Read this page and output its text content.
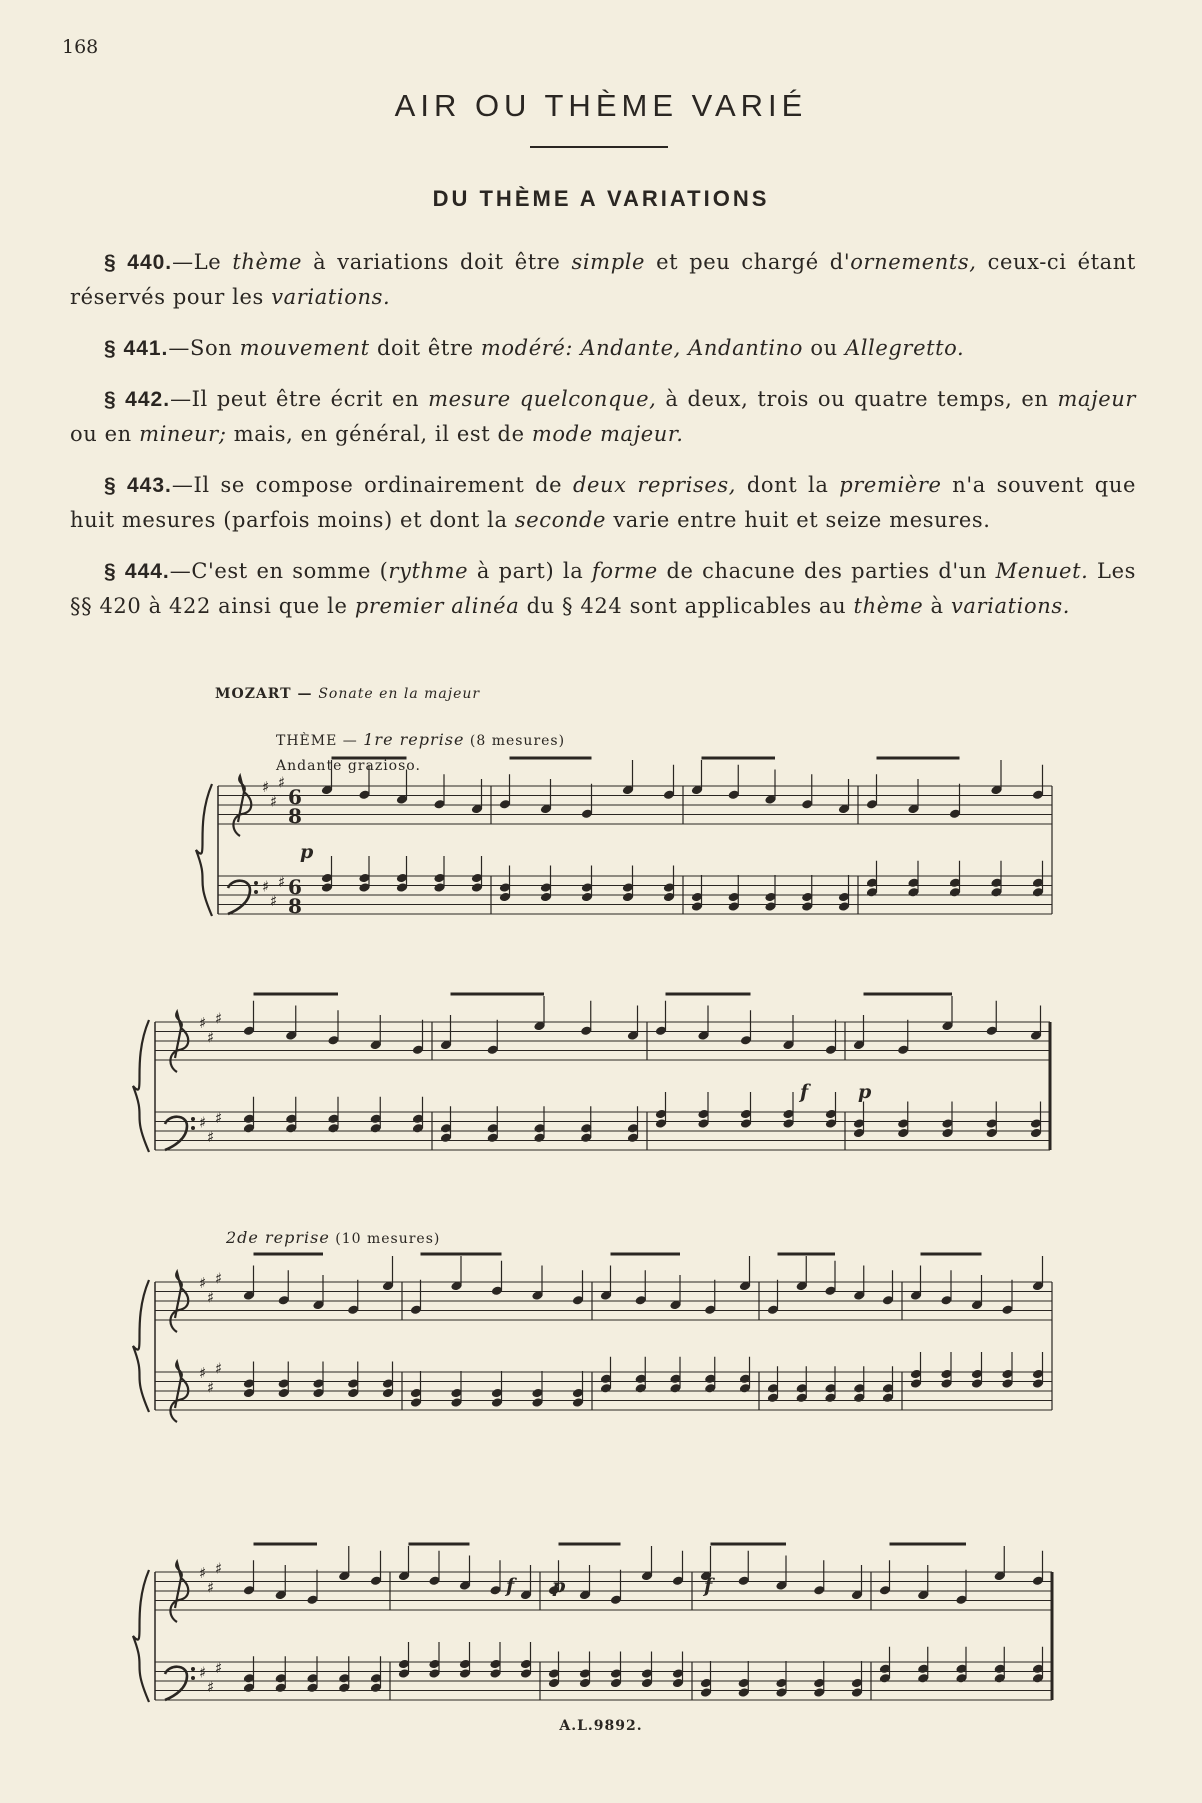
168
AIR OU THÈME VARIÉ
DU THÈME A VARIATIONS

§ 440.—Le thème à variations doit être simple et peu chargé d'ornements, ceux-ci étant réservés pour les variations.

§ 441.—Son mouvement doit être modéré: Andante, Andantino ou Allegretto.

§ 442.—Il peut être écrit en mesure quelconque, à deux, trois ou quatre temps, en majeur ou en mineur; mais, en général, il est de mode majeur.

§ 443.—Il se compose ordinairement de deux reprises, dont la première n'a souvent que huit mesures (parfois moins) et dont la seconde varie entre huit et seize mesures.

§ 444.—C'est en somme (rythme à part) la forme de chacune des parties d'un Menuet. Les §§ 420 à 422 ainsi que le premier alinéa du § 424 sont applicables au thème à variations.

MOZART — Sonate en la majeur
THÈME — 1re reprise (8 mesures)
Andante grazioso.
2de reprise (10 mesures)
♯
♯
♯
6
8
♯
♯
♯ 6
8
♯
♯
♯
♯
♯
♯
♯
♯
♯
♯
♯
♯
♯
♯
♯
♯
♯
♯
p
f	p
f p	f
A.L.9892.
